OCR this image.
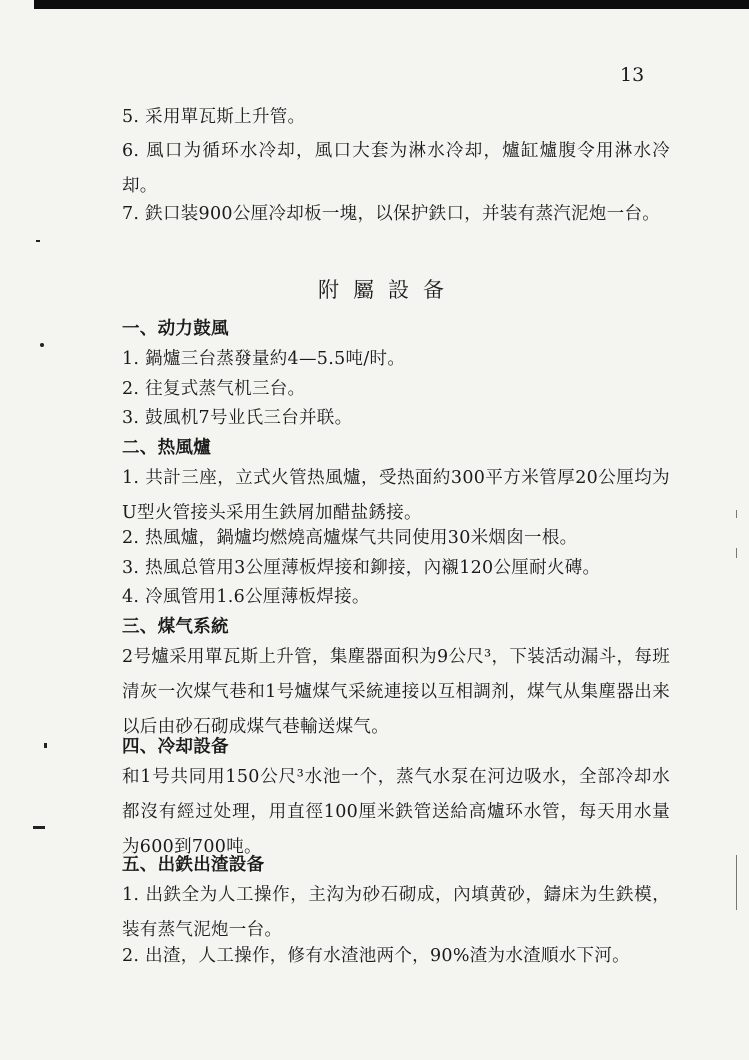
13
5. 采用單瓦斯上升管。
6. 風口为循环水冷却，風口大套为淋水冷却，爐缸爐腹令用淋水冷却。
7. 鉄口装900公厘冷却板一塊，以保护鉄口，并装有蒸汽泥炮一台。
附屬設备
一、动力鼓風
1. 鍋爐三台蒸發量約4—5.5吨/时。
2. 往复式蒸气机三台。
3. 鼓風机7号业氏三台并联。
二、热風爐
1. 共計三座，立式火管热風爐，受热面約300平方米管厚20公厘均为U型火管接头采用生鉄屑加醋盐銹接。
2. 热風爐，鍋爐均燃燒高爐煤气共同使用30米烟囱一根。
3. 热風总管用3公厘薄板焊接和鉚接，內襯120公厘耐火磚。
4. 冷風管用1.6公厘薄板焊接。
三、煤气系統
2号爐采用單瓦斯上升管，集塵器面积为9公尺³，下装活动漏斗，每班清灰一次煤气巷和1号爐煤气采統連接以互相調剂，煤气从集塵器出来以后由砂石砌成煤气巷輸送煤气。
四、冷却設备
和1号共同用150公尺³水池一个，蒸气水泵在河边吸水，全部冷却水都沒有經过处理，用直徑100厘米鉄管送給高爐环水管，每天用水量为600到700吨。
五、出鉄出渣設备
1. 出鉄全为人工操作，主沟为砂石砌成，內填黄砂，鑄床为生鉄模，装有蒸气泥炮一台。
2. 出渣，人工操作，修有水渣池两个，90%渣为水渣順水下河。
